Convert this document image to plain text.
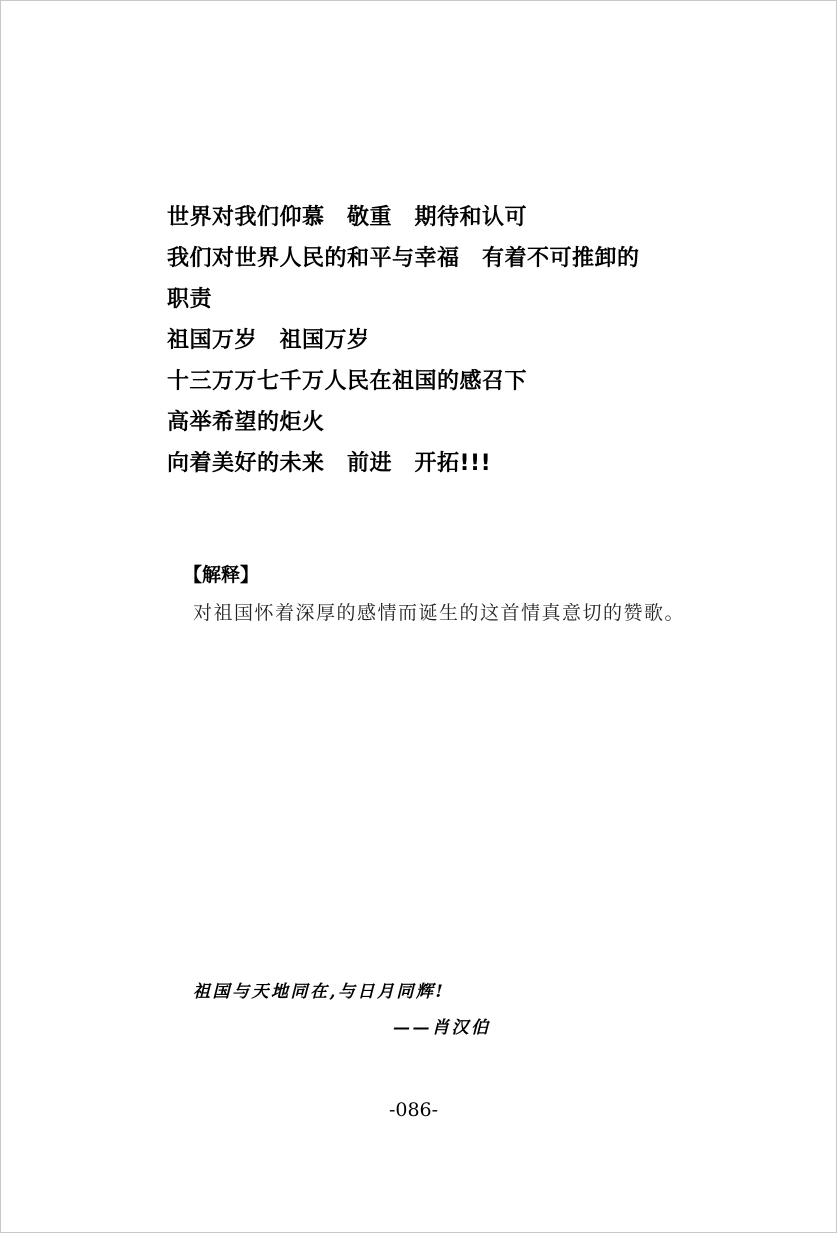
世界对我们仰慕　敬重　期待和认可
我们对世界人民的和平与幸福　有着不可推卸的
职责
祖国万岁　祖国万岁
十三万万七千万人民在祖国的感召下
高举希望的炬火
向着美好的未来　前进　开拓!!!
【解释】
对祖国怀着深厚的感情而诞生的这首情真意切的赞歌。
祖国与天地同在,与日月同辉!
——肖汉伯
-086-
